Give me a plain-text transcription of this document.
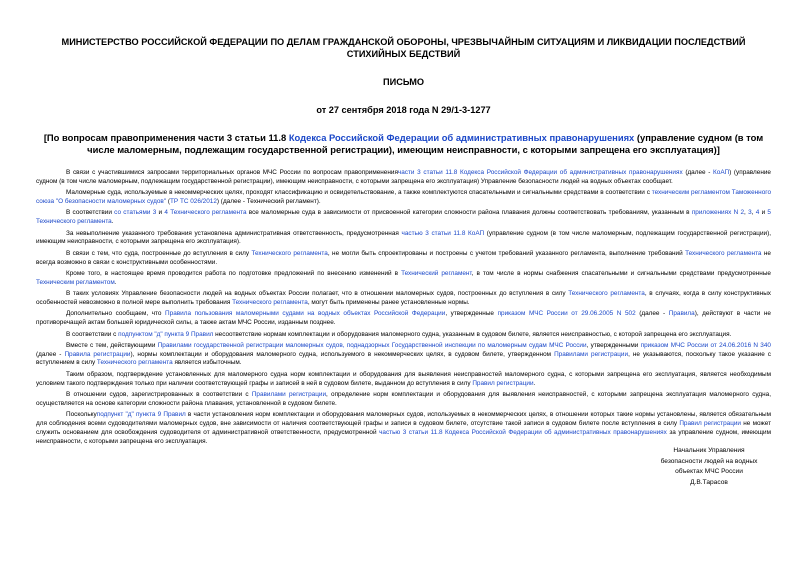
МИНИСТЕРСТВО РОССИЙСКОЙ ФЕДЕРАЦИИ ПО ДЕЛАМ ГРАЖДАНСКОЙ ОБОРОНЫ, ЧРЕЗВЫЧАЙНЫМ СИТУАЦИЯМ И ЛИКВИДАЦИИ ПОСЛЕДСТВИЙ СТИХИЙНЫХ БЕДСТВИЙ
ПИСЬМО
от 27 сентября 2018 года N 29/1-3-1277
[По вопросам правоприменения части 3 статьи 11.8 Кодекса Российской Федерации об административных правонарушениях (управление судном (в том числе маломерным, подлежащим государственной регистрации), имеющим неисправности, с которыми запрещена его эксплуатация)]

В связи с участившимися запросами территориальных органов МЧС России по вопросам правоприменениячасти 3 статьи 11.8 Кодекса Российской Федерации об административных правонарушениях (далее - КоАП) (управление судном (в том числе маломерным, подлежащим государственной регистрации), имеющим неисправности, с которыми запрещена его эксплуатация) Управление безопасности людей на водных объектах сообщает.

Маломерные суда, используемые в некоммерческих целях, проходят классификацию и освидетельствование, а также комплектуются спасательными и сигнальными средствами в соответствии с техническим регламентом Таможенного союза "О безопасности маломерных судов" (ТР ТС 026/2012) (далее - Технический регламент).

В соответствии со статьями 3 и 4 Технического регламента все маломерные суда в зависимости от присвоенной категории сложности района плавания должны соответствовать требованиям, указанным в приложениях N 2, 3, 4 и 5 Технического регламента.

За невыполнение указанного требования установлена административная ответственность, предусмотренная частью 3 статьи 11.8 КоАП (управление судном (в том числе маломерным, подлежащим государственной регистрации), имеющим неисправности, с которыми запрещена его эксплуатация).

В связи с тем, что суда, построенные до вступления в силу Технического регламента, не могли быть спроектированы и построены с учетом требований указанного регламента, выполнение требований Технического регламента не всегда возможно в связи с конструктивными особенностями.

Кроме того, в настоящее время проводится работа по подготовке предложений по внесению изменений в Технический регламент, в том числе в нормы снабжения спасательными и сигнальными средствами предусмотренные Техническим регламентом.

В таких условиях Управление безопасности людей на водных объектах России полагает, что в отношении маломерных судов, построенных до вступления в силу Технического регламента, в случаях, когда в силу конструктивных особенностей невозможно в полной мере выполнить требования Технического регламента, могут быть применены ранее установленные нормы.

Дополнительно сообщаем, что Правила пользования маломерными судами на водных объектах Российской Федерации, утвержденные приказом МЧС России от 29.06.2005 N 502 (далее - Правила), действуют в части не противоречащей актам большей юридической силы, а также актам МЧС России, изданным позднее.

В соответствии с подпунктом "д" пункта 9 Правил несоответствие нормам комплектации и оборудования маломерного судна, указанным в судовом билете, является неисправностью, с которой запрещена его эксплуатация.

Вместе с тем, действующими Правилами государственной регистрации маломерных судов, поднадзорных Государственной инспекции по маломерным судам МЧС России, утвержденными приказом МЧС России от 24.06.2016 N 340 (далее - Правила регистрации), нормы комплектации и оборудования маломерного судна, используемого в некоммерческих целях, в судовом билете, утвержденном Правилами регистрации, не указываются, поскольку такое указание с вступлением в силу Технического регламента является избыточным.

Таким образом, подтверждение установленных для маломерного судна норм комплектации и оборудования для выявления неисправностей маломерного судна, с которыми запрещена его эксплуатация, является необходимым условием такого подтверждения только при наличии соответствующей графы и записей в ней в судовом билете, выданном до вступления в силу Правил регистрации.

В отношении судов, зарегистрированных в соответствии с Правилами регистрации, определение норм комплектации и оборудования для выявления неисправностей, с которыми запрещена эксплуатация маломерного судна, осуществляется на основе категории сложности района плавания, установленной в судовом билете.

Посколькуподпункт "д" пункта 9 Правил в части установления норм комплектации и оборудования маломерных судов, используемых в некоммерческих целях, в отношении которых такие нормы установлены, является обязательным для соблюдения всеми судоводителями маломерных судов, вне зависимости от наличия соответствующей графы и записи в судовом билете, отсутствие такой записи в судовом билете после вступления в силу Правил регистрации не может служить основанием для освобождения судоводителя от административной ответственности, предусмотренной частью 3 статьи 11.8 Кодекса Российской Федерации об административных правонарушениях за управление судном, имеющим неисправности, с которыми запрещена его эксплуатация.

Начальник Управления
безопасности людей на водных
объектах МЧС России
Д.В.Тарасов
